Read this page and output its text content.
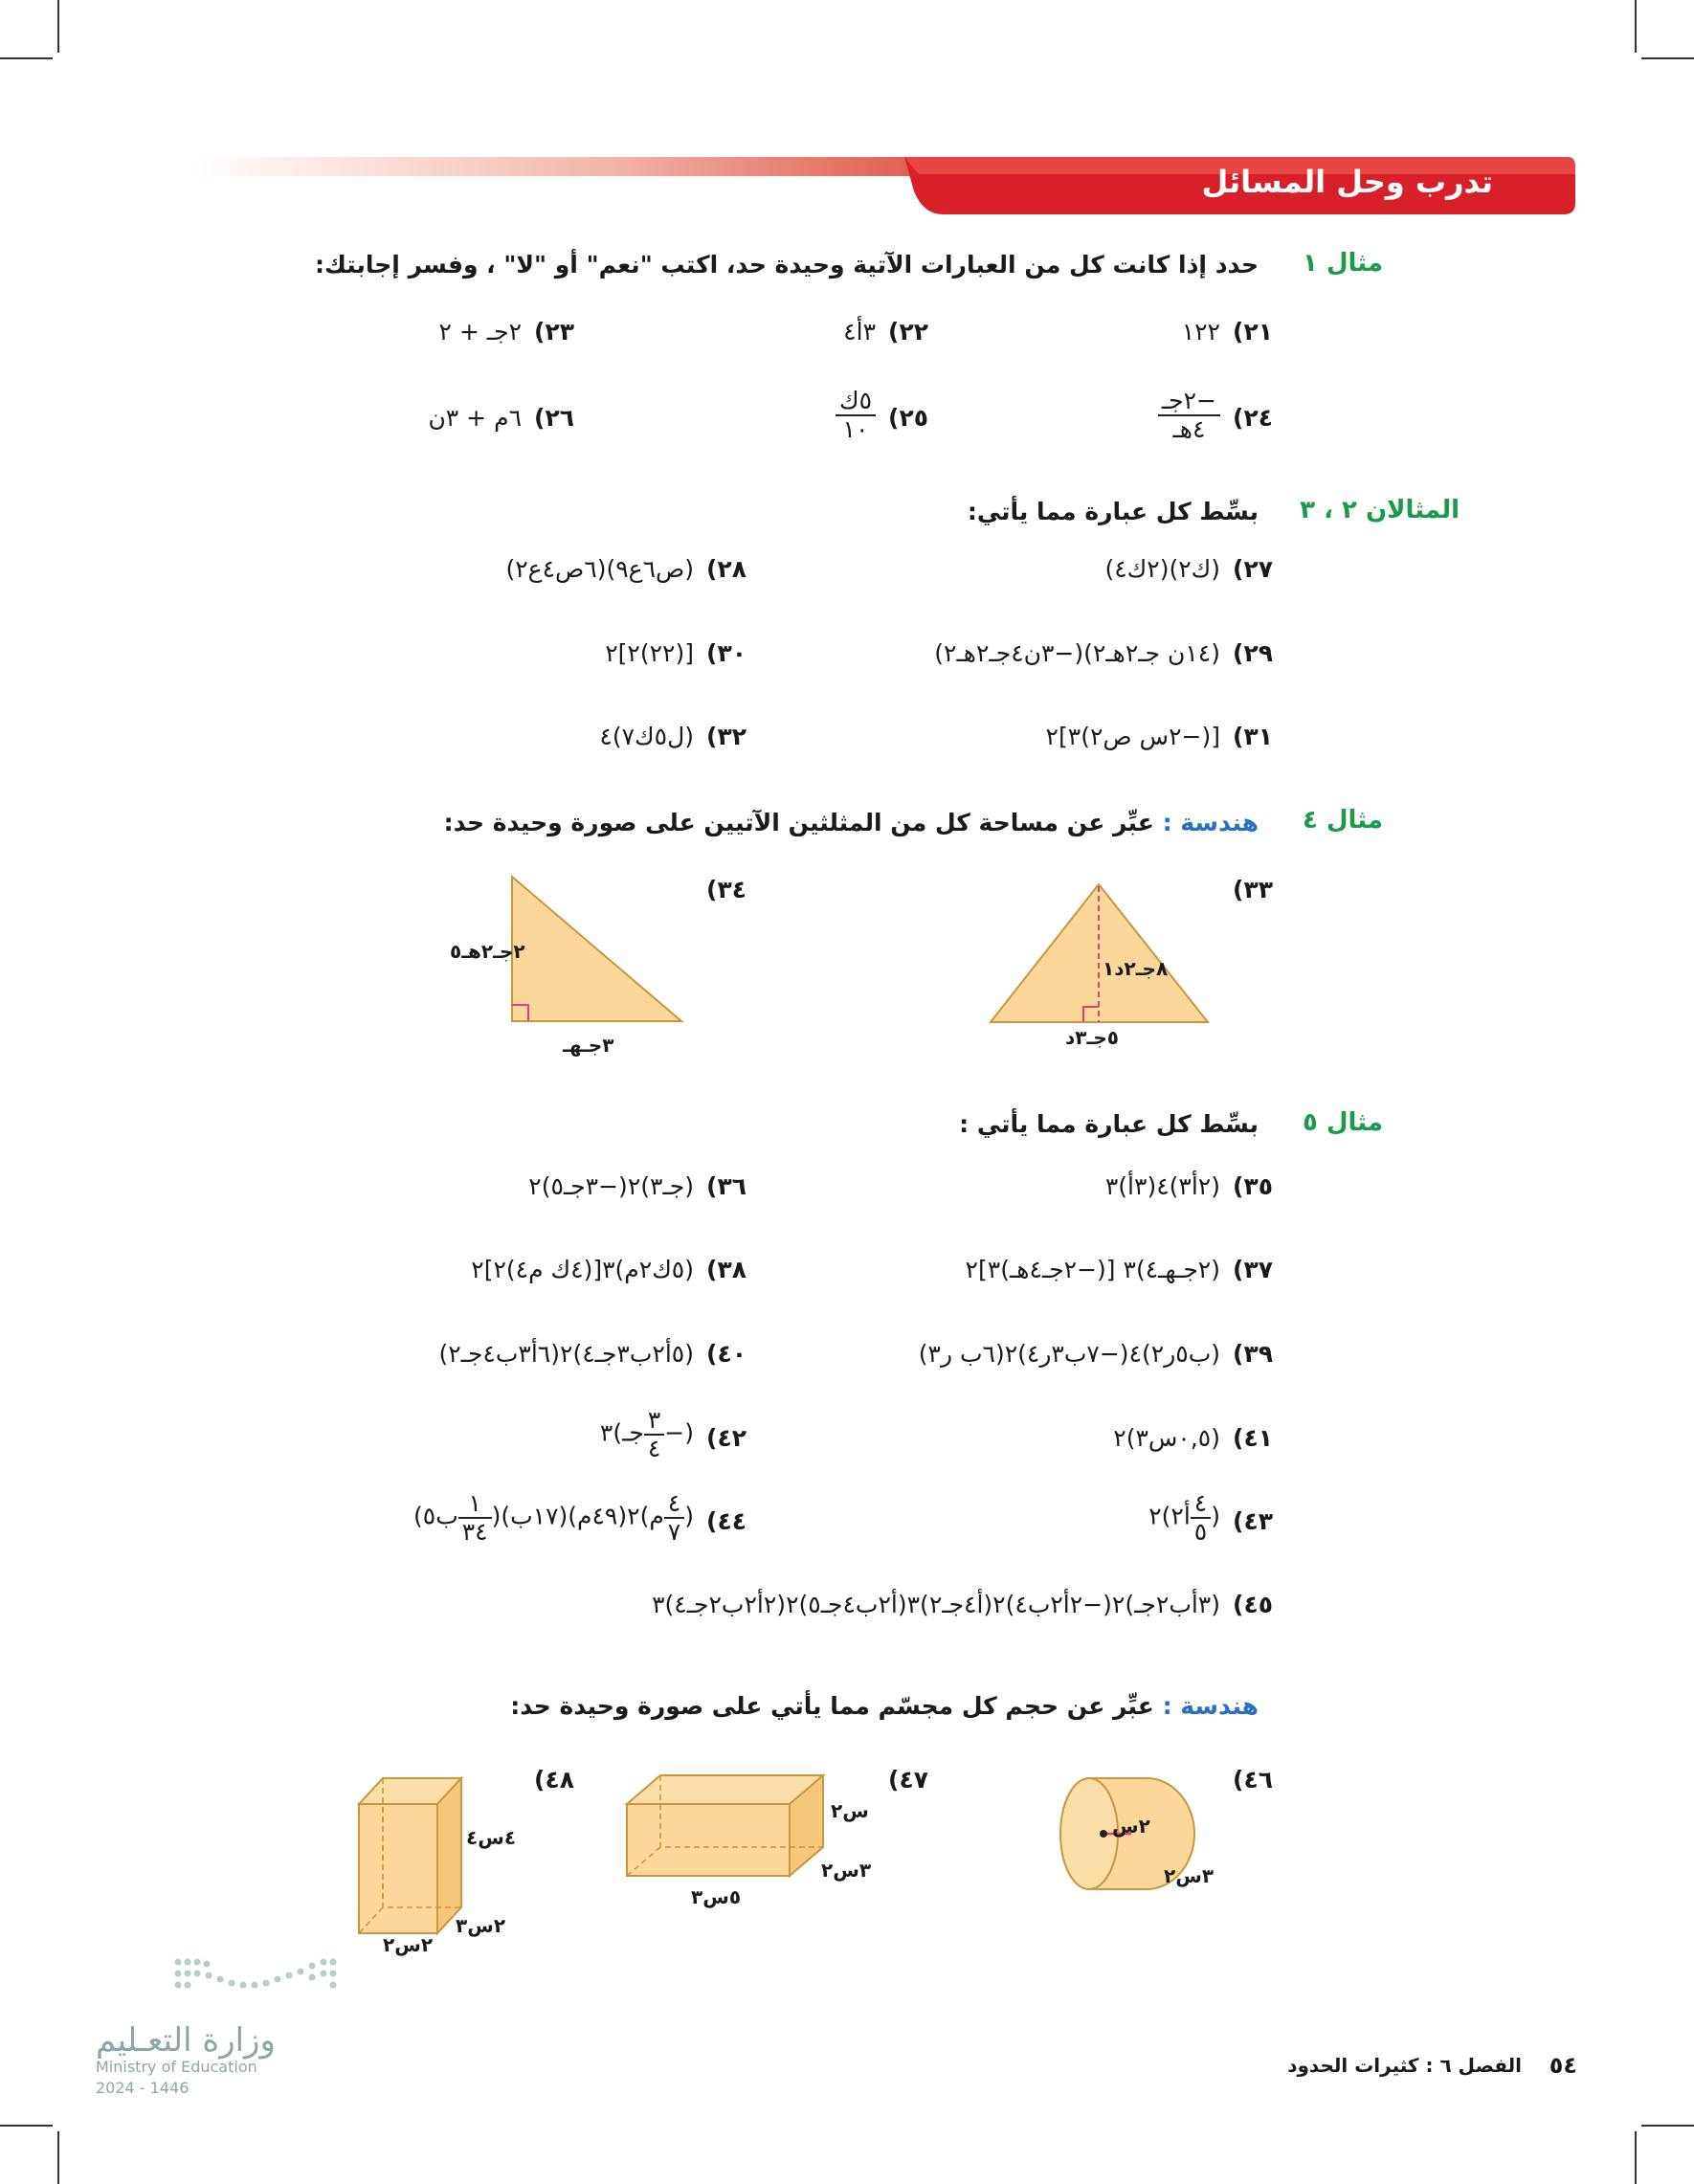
تدرب وحل المسائل
مثال ١
حدد إذا كانت كل من العبارات الآتية وحيدة حد، اكتب "نعم" أو "لا" ، وفسر إجابتك:
٢١)
١٢٢
٢٢)
٣أ٤
٢٣)
٢جـ + ٢
٢٤)
$\frac{\text{−٢جـ}}{\text{٤هـ}}$
٢٥)
$\frac{\text{٥ك}}{١٠}$
٢٦)
٦م + ٣ن
المثالان ٢ ، ٣
بسِّط كل عبارة مما يأتي:
٢٧)
(ك٢)(٢ك٤)
٢٨)
(ص٦ع٩)(٦ص٤ع٢)
٢٩)
(١٤ن جـ٢هـ٢)(−٣ن٤جـ٢هـ٢)
٣٠)
[(٢٢)٢]٢
٣١)
[(−٢س ص٢)٣]٢
٣٢)
(ل٥ك٧)٤
مثال ٤
هندسة : عبِّر عن مساحة كل من المثلثين الآتيين على صورة وحيدة حد:
٣٣)
٣٤)
٨جـ٢د١
٥جـ٣د
٢جـ٢هـ٥
٣جـهـ
مثال ٥
بسِّط كل عبارة مما يأتي :
٣٥)
(٢أ٣)٤(٣أ)٣
٣٦)
(جـ٣)٢(−٣جـ٥)٢
٣٧)
(٢جـهـ٤)٣ [(−٢جـ٤هـ)٣]٢
٣٨)
(٥ك٢م)٣[(٤ك م٤)٢]٢
٣٩)
(ب٥ر٢)٤(−٧ب٣ر٤)٢(٦ب ر٣)
٤٠)
(٥أ٢ب٣جـ٤)٢(٦أ٣ب٤جـ٢)
٤١)
(٠,٥س٣)٢
٤٢)
(−
$\frac{٣}{٤}$
جـ)٣
٤٣)
(
$\frac{٤}{٥}$
أ٢)٢
٤٤)
(
$\frac{٤}{٧}$
م)٢(٤٩م)(١٧ب)(
$\frac{١}{٣٤}$
ب٥)
٤٥)
(٣أب٢جـ)٢(−٢أ٢ب٤)٢(أ٤جـ٢)٣(أ٢ب٤جـ٥)٢(٢أ٢ب٢جـ٤)٣
هندسة : عبِّر عن حجم كل مجسّم مما يأتي على صورة وحيدة حد:
٤٦)
٤٧)
٤٨)
٢س
٣س٢
س٢
٣س٢
٥س٣
٤س٤
٢س٣
٢س٢
وزارة التعـليم
Ministry of Education
2024 - 1446
٥٤
الفصل ٦ : كثيرات الحدود
